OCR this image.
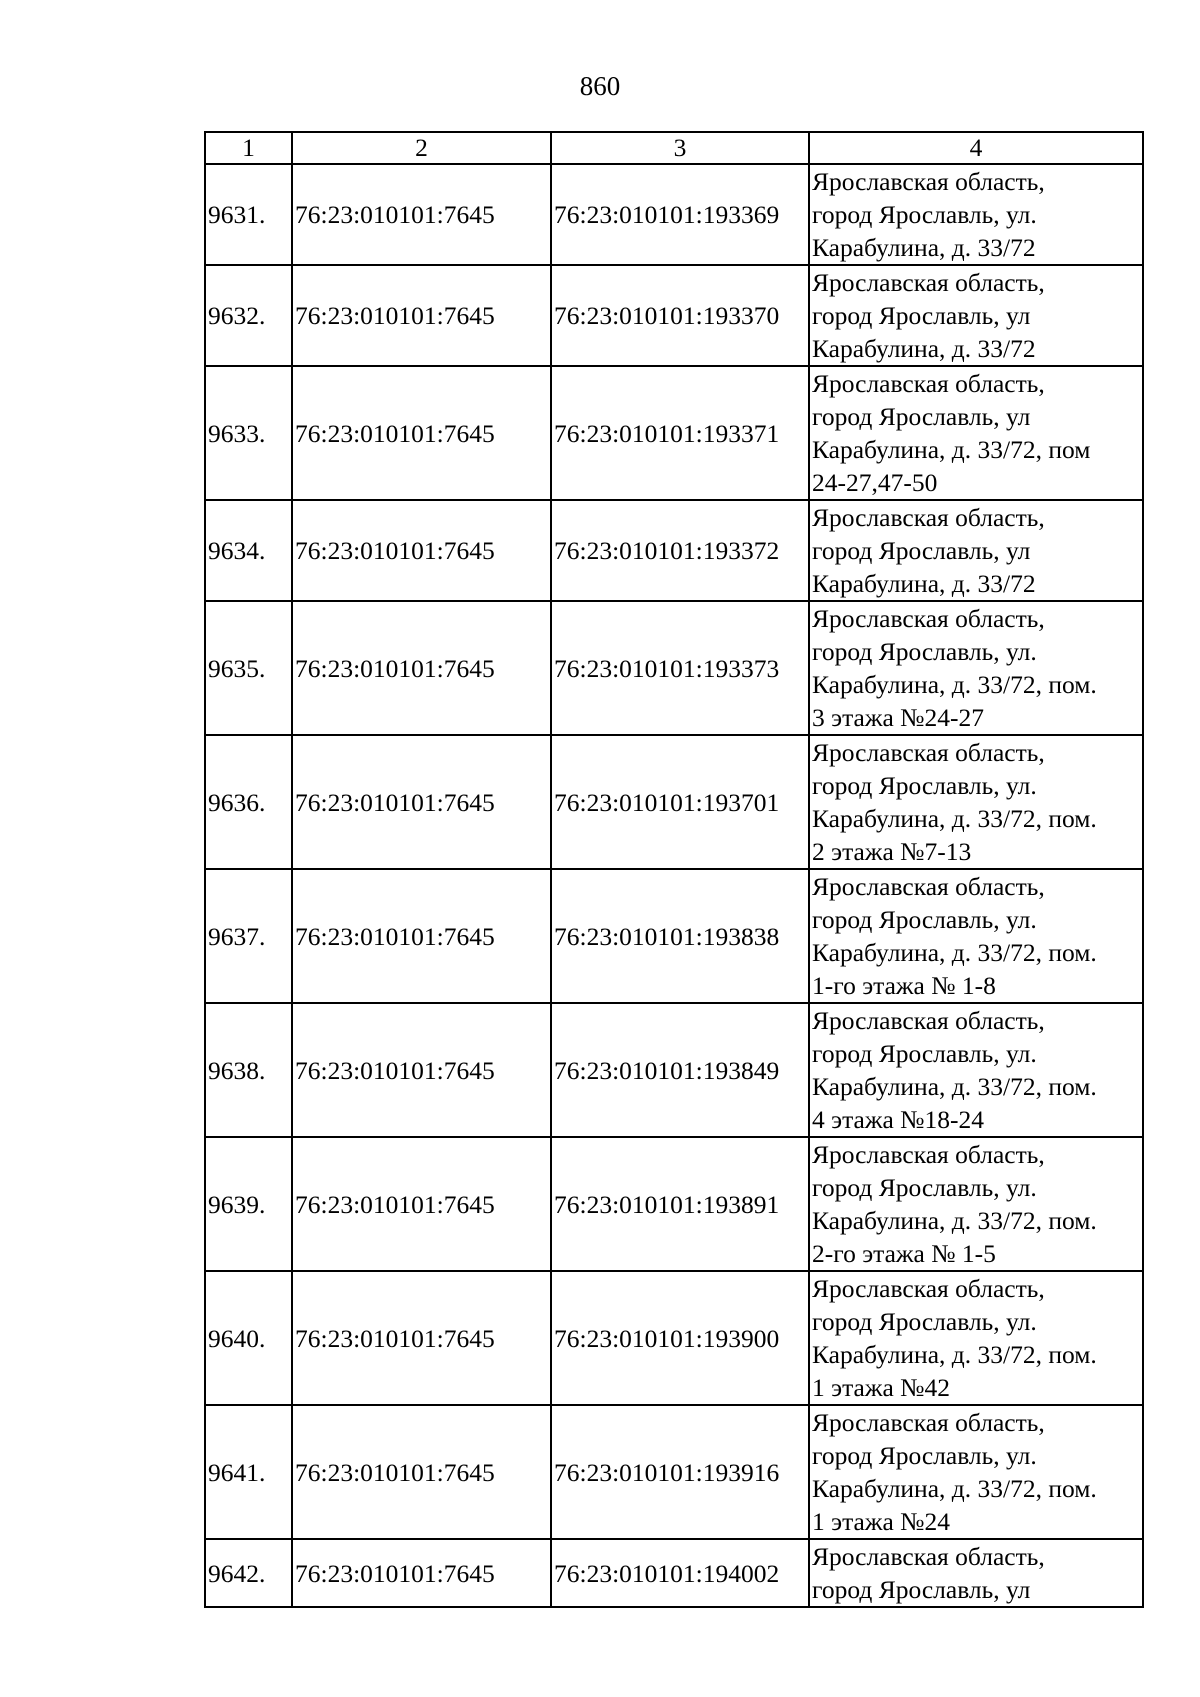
860
1	2	3	4
9631.	76:23:010101:7645	76:23:010101:193369	Ярославская область,
город Ярославль, ул.
Карабулина, д. 33/72

9632.	76:23:010101:7645	76:23:010101:193370	Ярославская область,
город Ярославль, ул
Карабулина, д. 33/72

9633.	76:23:010101:7645	76:23:010101:193371	Ярославская область,
город Ярославль, ул
Карабулина, д. 33/72, пом
24-27,47-50

9634.	76:23:010101:7645	76:23:010101:193372	Ярославская область,
город Ярославль, ул
Карабулина, д. 33/72

9635.	76:23:010101:7645	76:23:010101:193373	Ярославская область,
город Ярославль, ул.
Карабулина, д. 33/72, пом.
3 этажа №24-27

9636.	76:23:010101:7645	76:23:010101:193701	Ярославская область,
город Ярославль, ул.
Карабулина, д. 33/72, пом.
2 этажа №7-13

9637.	76:23:010101:7645	76:23:010101:193838	Ярославская область,
город Ярославль, ул.
Карабулина, д. 33/72, пом.
1-го этажа № 1-8

9638.	76:23:010101:7645	76:23:010101:193849	Ярославская область,
город Ярославль, ул.
Карабулина, д. 33/72, пом.
4 этажа №18-24

9639.	76:23:010101:7645	76:23:010101:193891	Ярославская область,
город Ярославль, ул.
Карабулина, д. 33/72, пом.
2-го этажа № 1-5

9640.	76:23:010101:7645	76:23:010101:193900	Ярославская область,
город Ярославль, ул.
Карабулина, д. 33/72, пом.
1 этажа №42

9641.	76:23:010101:7645	76:23:010101:193916	Ярославская область,
город Ярославль, ул.
Карабулина, д. 33/72, пом.
1 этажа №24

9642.	76:23:010101:7645	76:23:010101:194002	Ярославская область,
город Ярославль, ул
